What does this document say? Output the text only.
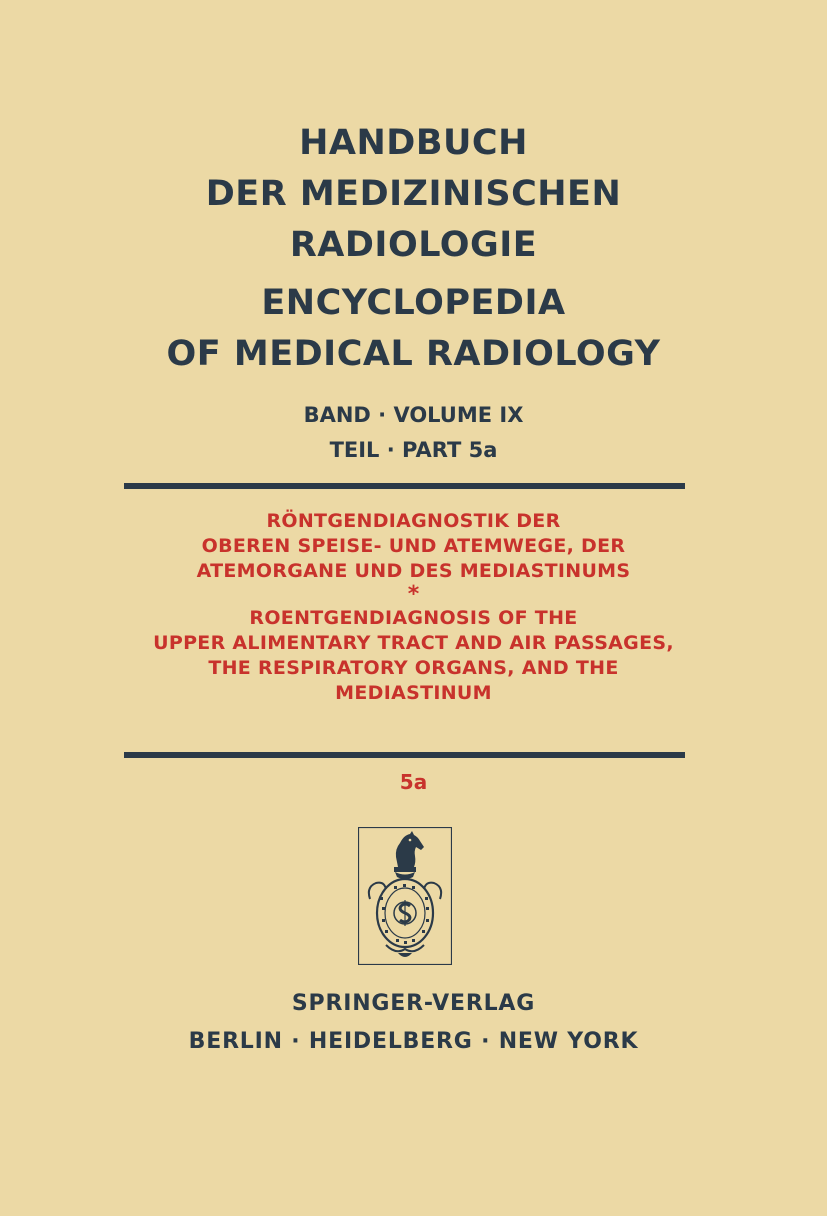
HANDBUCH
DER MEDIZINISCHEN
RADIOLOGIE
ENCYCLOPEDIA
OF MEDICAL RADIOLOGY
BAND · VOLUME IX
TEIL · PART 5a
RÖNTGENDIAGNOSTIK DER
OBEREN SPEISE- UND ATEMWEGE, DER
ATEMORGANE UND DES MEDIASTINUMS
*
ROENTGENDIAGNOSIS OF THE
UPPER ALIMENTARY TRACT AND AIR PASSAGES,
THE RESPIRATORY ORGANS, AND THE
MEDIASTINUM
5a
SPRINGER-VERLAG
BERLIN · HEIDELBERG · NEW YORK
